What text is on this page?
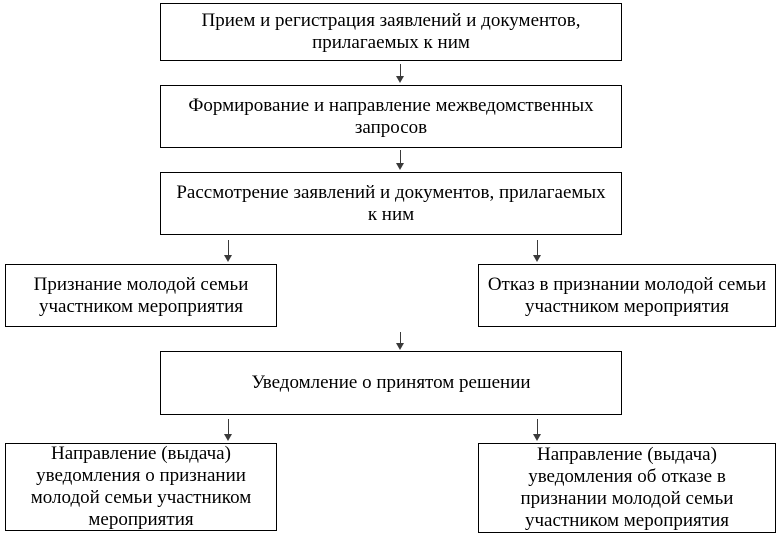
Прием и регистрация заявлений и документов,
прилагаемых к ним
Формирование и направление межведомственных
запросов
Рассмотрение заявлений и документов, прилагаемых
к ним
Признание молодой семьи
участником мероприятия
Отказ в признании молодой семьи
участником мероприятия
Уведомление о принятом решении
Направление (выдача)
уведомления о признании
молодой семьи участником
мероприятия
Направление (выдача)
уведомления об отказе в
признании молодой семьи
участником мероприятия
